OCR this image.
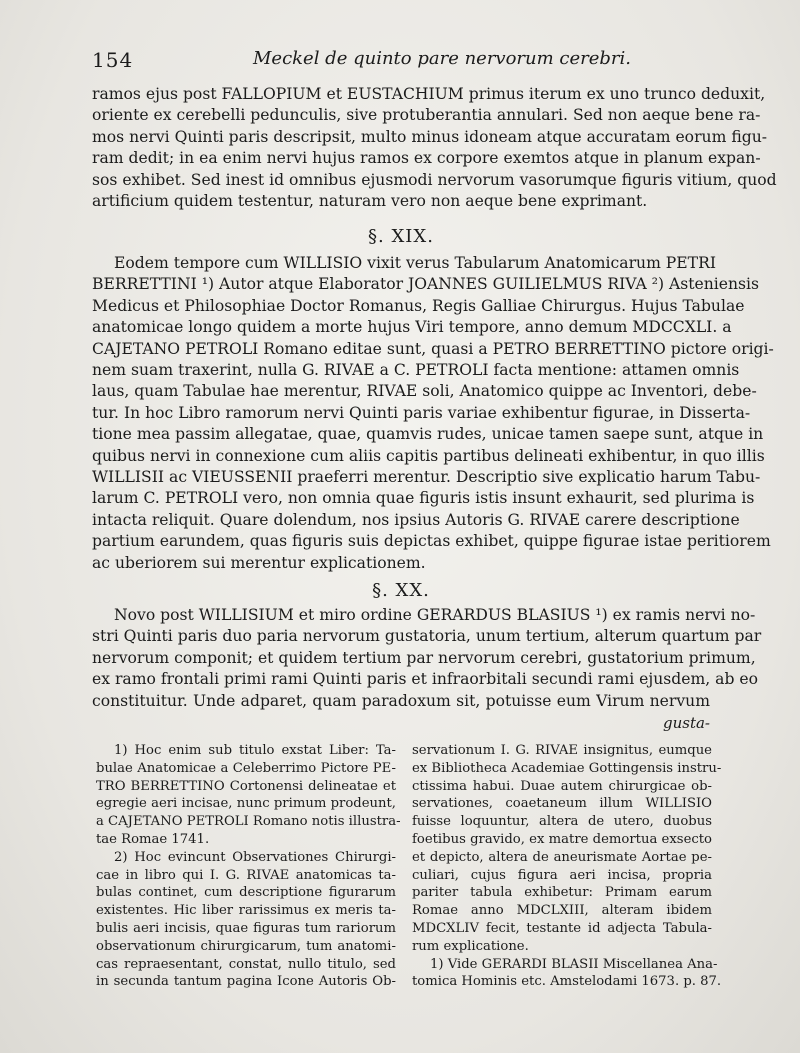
154	Meckel de quinto pare nervorum cerebri.
ramos ejus post FALLOPIUM et EUSTACHIUM primus iterum ex uno trunco deduxit,
oriente ex cerebelli pedunculis, sive protuberantia annulari. Sed non aeque bene ra-
mos nervi Quinti paris descripsit, multo minus idoneam atque accuratam eorum figu-
ram dedit; in ea enim nervi hujus ramos ex corpore exemtos atque in planum expan-
sos exhibet. Sed inest id omnibus ejusmodi nervorum vasorumque figuris vitium, quod
artificium quidem testentur, naturam vero non aeque bene exprimant.
§. XIX.
Eodem tempore cum WILLISIO vixit verus Tabularum Anatomicarum PETRI
BERRETTINI ¹) Autor atque Elaborator JOANNES GUILIELMUS RIVA ²) Asteniensis
Medicus et Philosophiae Doctor Romanus, Regis Galliae Chirurgus. Hujus Tabulae
anatomicae longo quidem a morte hujus Viri tempore, anno demum MDCCXLI. a
CAJETANO PETROLI Romano editae sunt, quasi a PETRO BERRETTINO pictore origi-
nem suam traxerint, nulla G. RIVAE a C. PETROLI facta mentione: attamen omnis
laus, quam Tabulae hae merentur, RIVAE soli, Anatomico quippe ac Inventori, debe-
tur. In hoc Libro ramorum nervi Quinti paris variae exhibentur figurae, in Disserta-
tione mea passim allegatae, quae, quamvis rudes, unicae tamen saepe sunt, atque in
quibus nervi in connexione cum aliis capitis partibus delineati exhibentur, in quo illis
WILLISII ac VIEUSSENII praeferri merentur. Descriptio sive explicatio harum Tabu-
larum C. PETROLI vero, non omnia quae figuris istis insunt exhaurit, sed plurima is
intacta reliquit. Quare dolendum, nos ipsius Autoris G. RIVAE carere descriptione
partium earundem, quas figuris suis depictas exhibet, quippe figurae istae peritiorem
ac uberiorem sui merentur explicationem.
§. XX.
Novo post WILLISIUM et miro ordine GERARDUS BLASIUS ¹) ex ramis nervi no-
stri Quinti paris duo paria nervorum gustatoria, unum tertium, alterum quartum par
nervorum componit; et quidem tertium par nervorum cerebri, gustatorium primum,
ex ramo frontali primi rami Quinti paris et infraorbitali secundi rami ejusdem, ab eo
constituitur. Unde adparet, quam paradoxum sit, potuisse eum Virum nervum
gusta-
1) Hoc enim sub titulo exstat Liber: Ta-
bulae Anatomicae a Celeberrimo Pictore PE-
TRO BERRETTINO Cortonensi delineatae et
egregie aeri incisae, nunc primum prodeunt,
a CAJETANO PETROLI Romano notis illustra-
tae Romae 1741.
2) Hoc evincunt Observationes Chirurgi-
cae in libro qui I. G. RIVAE anatomicas ta-
bulas continet, cum descriptione figurarum
existentes. Hic liber rarissimus ex meris ta-
bulis aeri incisis, quae figuras tum rariorum
observationum chirurgicarum, tum anatomi-
cas repraesentant, constat, nullo titulo, sed
in secunda tantum pagina Icone Autoris Ob-
servationum I. G. RIVAE insignitus, eumque
ex Bibliotheca Academiae Gottingensis instru-
ctissima habui. Duae autem chirurgicae ob-
servationes, coaetaneum illum WILLISIO
fuisse loquuntur, altera de utero, duobus
foetibus gravido, ex matre demortua exsecto
et depicto, altera de aneurismate Aortae pe-
culiari, cujus figura aeri incisa, propria
pariter tabula exhibetur: Primam earum
Romae anno MDCLXIII, alteram ibidem
MDCXLIV fecit, testante id adjecta Tabula-
rum explicatione.
1) Vide GERARDI BLASII Miscellanea Ana-
tomica Hominis etc. Amstelodami 1673. p. 87.
